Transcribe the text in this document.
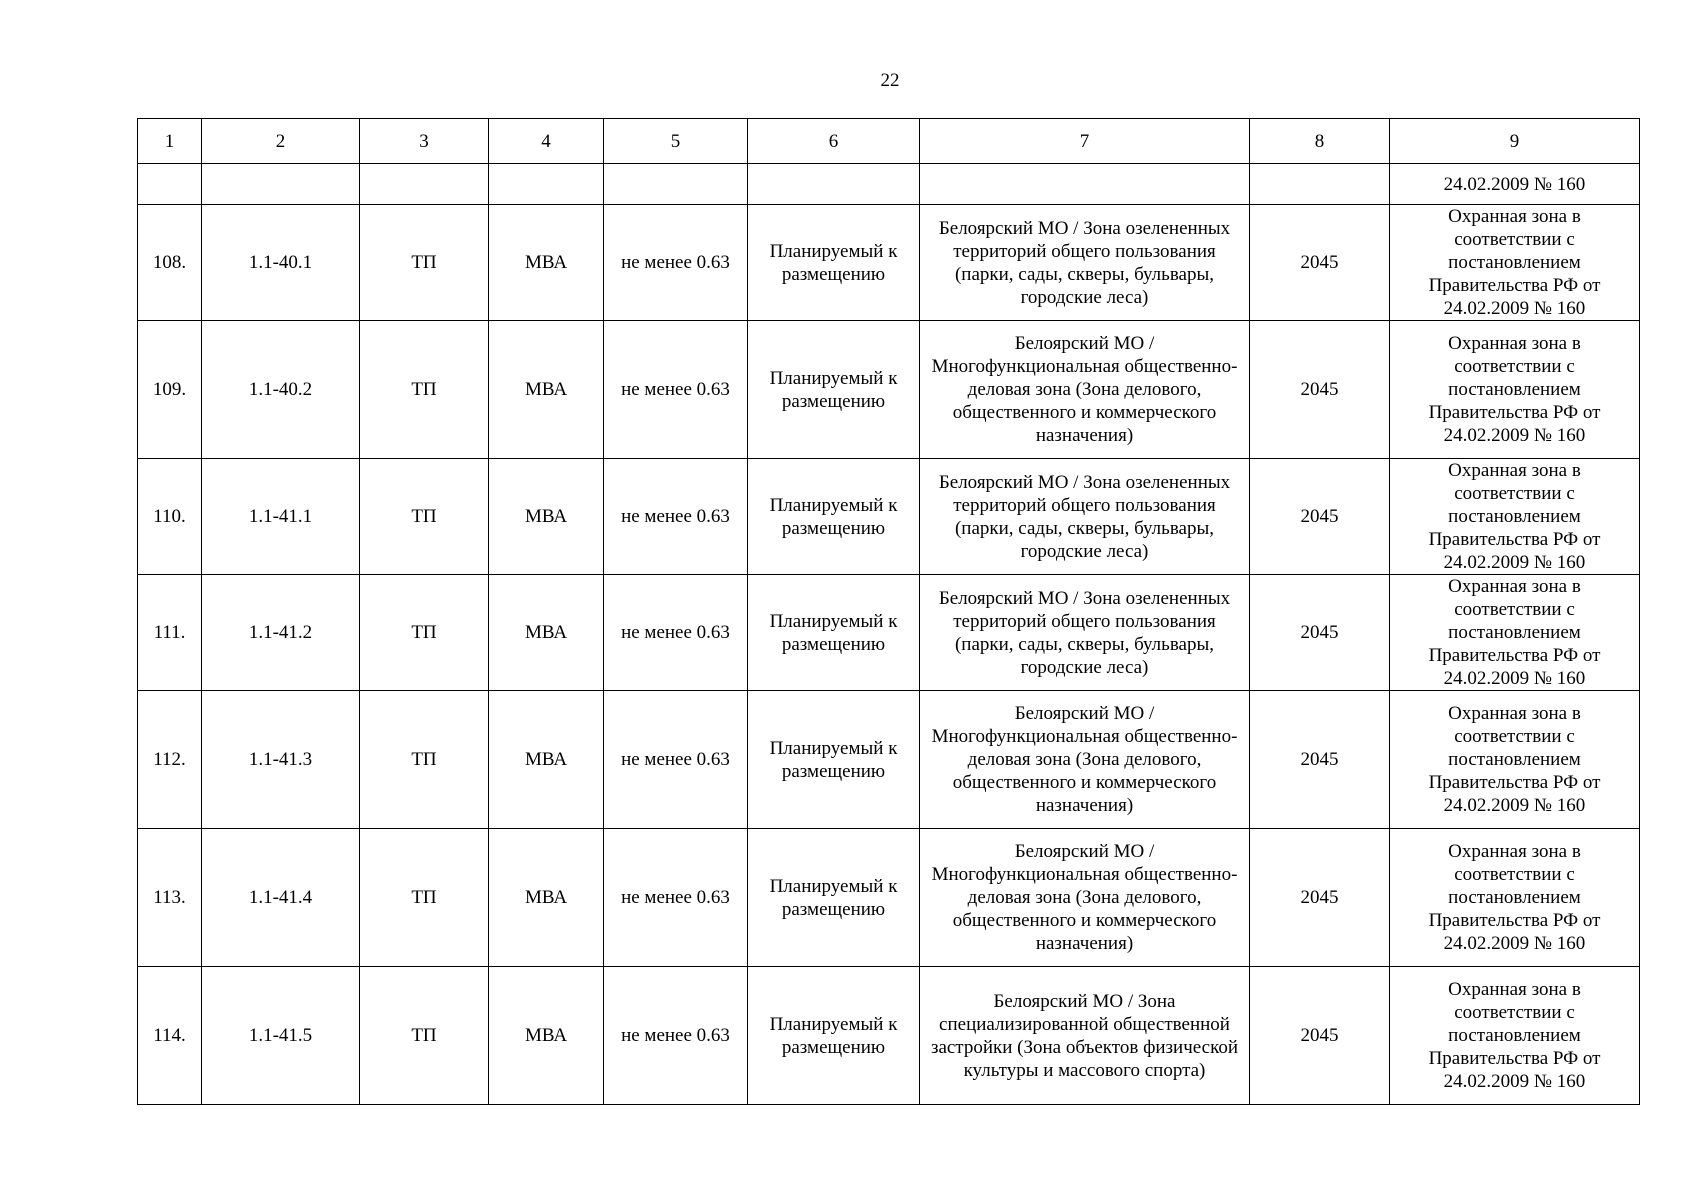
22
1	2	3	4	5	6	7	8	9
								24.02.2009 № 160
108.	1.1-40.1	ТП	МВА	не менее 0.63	Планируемый к размещению	Белоярский МО / Зона озелененных территорий общего пользования (парки, сады, скверы, бульвары, городские леса)	2045	Охранная зона в соответствии с постановлением Правительства РФ от 24.02.2009 № 160
109.	1.1-40.2	ТП	МВА	не менее 0.63	Планируемый к размещению	Белоярский МО / Многофункциональная общественно-деловая зона (Зона делового, общественного и коммерческого назначения)	2045	Охранная зона в соответствии с постановлением Правительства РФ от 24.02.2009 № 160
110.	1.1-41.1	ТП	МВА	не менее 0.63	Планируемый к размещению	Белоярский МО / Зона озелененных территорий общего пользования (парки, сады, скверы, бульвары, городские леса)	2045	Охранная зона в соответствии с постановлением Правительства РФ от 24.02.2009 № 160
111.	1.1-41.2	ТП	МВА	не менее 0.63	Планируемый к размещению	Белоярский МО / Зона озелененных территорий общего пользования (парки, сады, скверы, бульвары, городские леса)	2045	Охранная зона в соответствии с постановлением Правительства РФ от 24.02.2009 № 160
112.	1.1-41.3	ТП	МВА	не менее 0.63	Планируемый к размещению	Белоярский МО / Многофункциональная общественно-деловая зона (Зона делового, общественного и коммерческого назначения)	2045	Охранная зона в соответствии с постановлением Правительства РФ от 24.02.2009 № 160
113.	1.1-41.4	ТП	МВА	не менее 0.63	Планируемый к размещению	Белоярский МО / Многофункциональная общественно-деловая зона (Зона делового, общественного и коммерческого назначения)	2045	Охранная зона в соответствии с постановлением Правительства РФ от 24.02.2009 № 160
114.	1.1-41.5	ТП	МВА	не менее 0.63	Планируемый к размещению	Белоярский МО / Зона специализированной общественной застройки (Зона объектов физической культуры и массового спорта)	2045	Охранная зона в соответствии с постановлением Правительства РФ от 24.02.2009 № 160
